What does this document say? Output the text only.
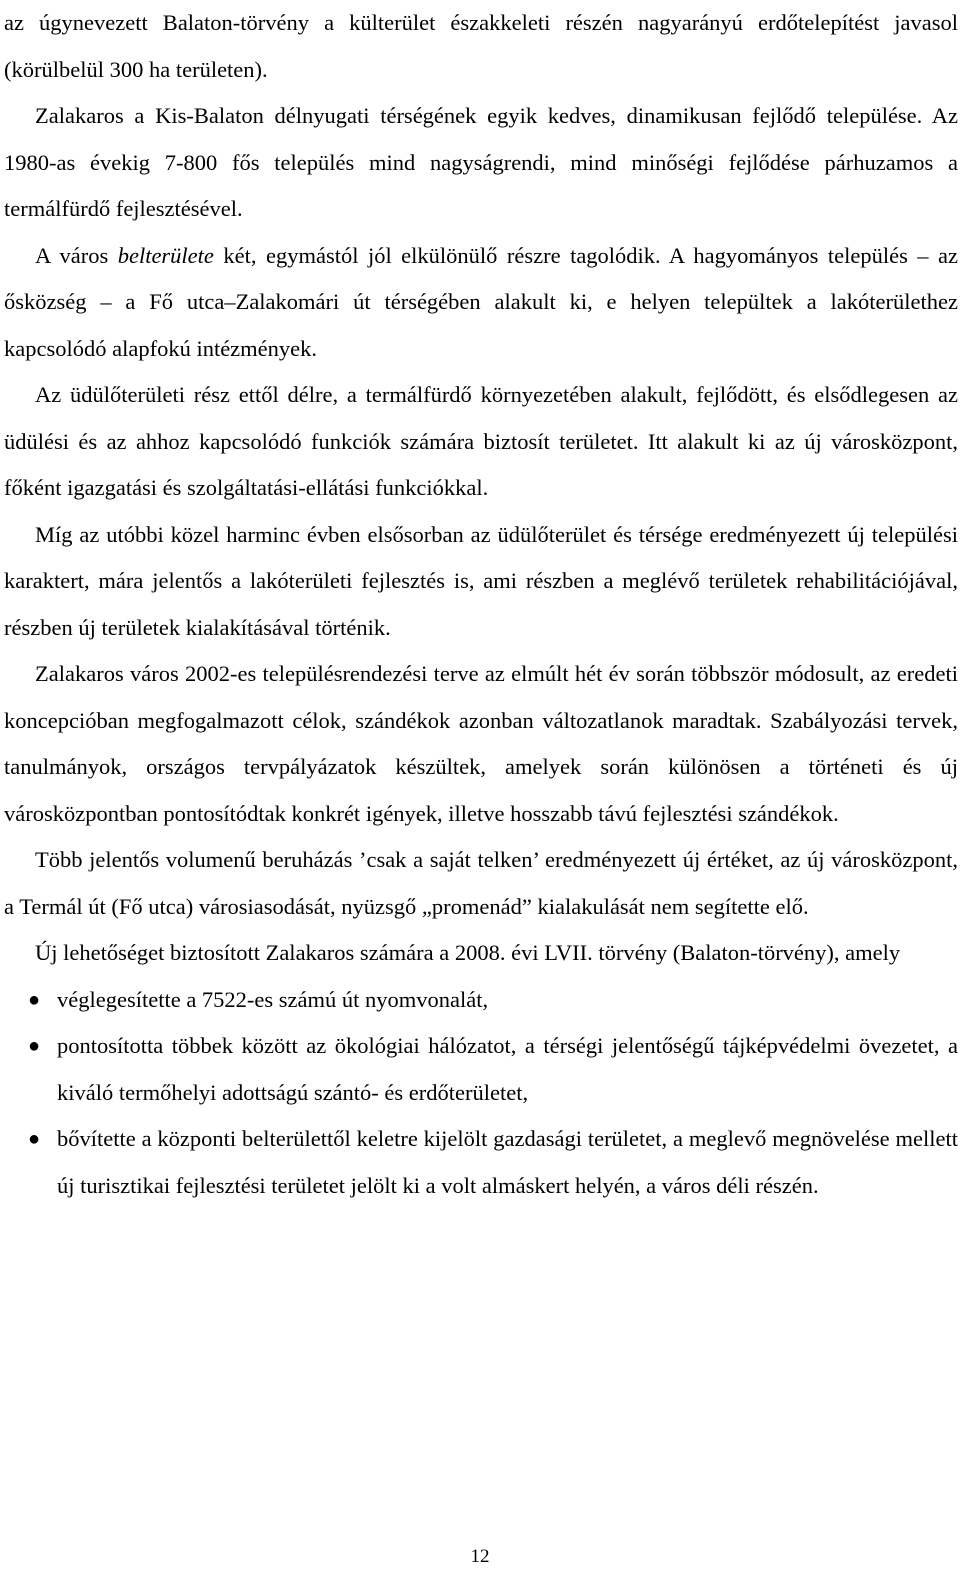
az úgynevezett Balaton-törvény a külterület északkeleti részén nagyarányú erdőtelepítést javasol (körülbelül 300 ha területen).

Zalakaros a Kis-Balaton délnyugati térségének egyik kedves, dinamikusan fejlődő települése. Az 1980-as évekig 7-800 fős település mind nagyságrendi, mind minőségi fejlődése párhuzamos a termálfürdő fejlesztésével.

A város belterülete két, egymástól jól elkülönülő részre tagolódik. A hagyományos település – az ősközség – a Fő utca–Zalakomári út térségében alakult ki, e helyen települtek a lakóterülethez kapcsolódó alapfokú intézmények.

Az üdülőterületi rész ettől délre, a termálfürdő környezetében alakult, fejlődött, és elsődlegesen az üdülési és az ahhoz kapcsolódó funkciók számára biztosít területet. Itt alakult ki az új városközpont, főként igazgatási és szolgáltatási-ellátási funkciókkal.

Míg az utóbbi közel harminc évben elsősorban az üdülőterület és térsége eredményezett új települési karaktert, mára jelentős a lakóterületi fejlesztés is, ami részben a meglévő területek rehabilitációjával, részben új területek kialakításával történik.

Zalakaros város 2002-es településrendezési terve az elmúlt hét év során többször módosult, az eredeti koncepcióban megfogalmazott célok, szándékok azonban változatlanok maradtak. Szabályozási tervek, tanulmányok, országos tervpályázatok készültek, amelyek során különösen a történeti és új városközpontban pontosítódtak konkrét igények, illetve hosszabb távú fejlesztési szándékok.

Több jelentős volumenű beruházás ’csak a saját telken’ eredményezett új értéket, az új városközpont, a Termál út (Fő utca) városiasodását, nyüzsgő „promenád” kialakulását nem segítette elő.

Új lehetőséget biztosított Zalakaros számára a 2008. évi LVII. törvény (Balaton-törvény), amely

● véglegesítette a 7522-es számú út nyomvonalát,
● pontosította többek között az ökológiai hálózatot, a térségi jelentőségű tájképvédelmi övezetet, a kiváló termőhelyi adottságú szántó- és erdőterületet,
● bővítette a központi belterülettől keletre kijelölt gazdasági területet, a meglevő megnövelése mellett új turisztikai fejlesztési területet jelölt ki a volt almáskert helyén, a város déli részén.
12
